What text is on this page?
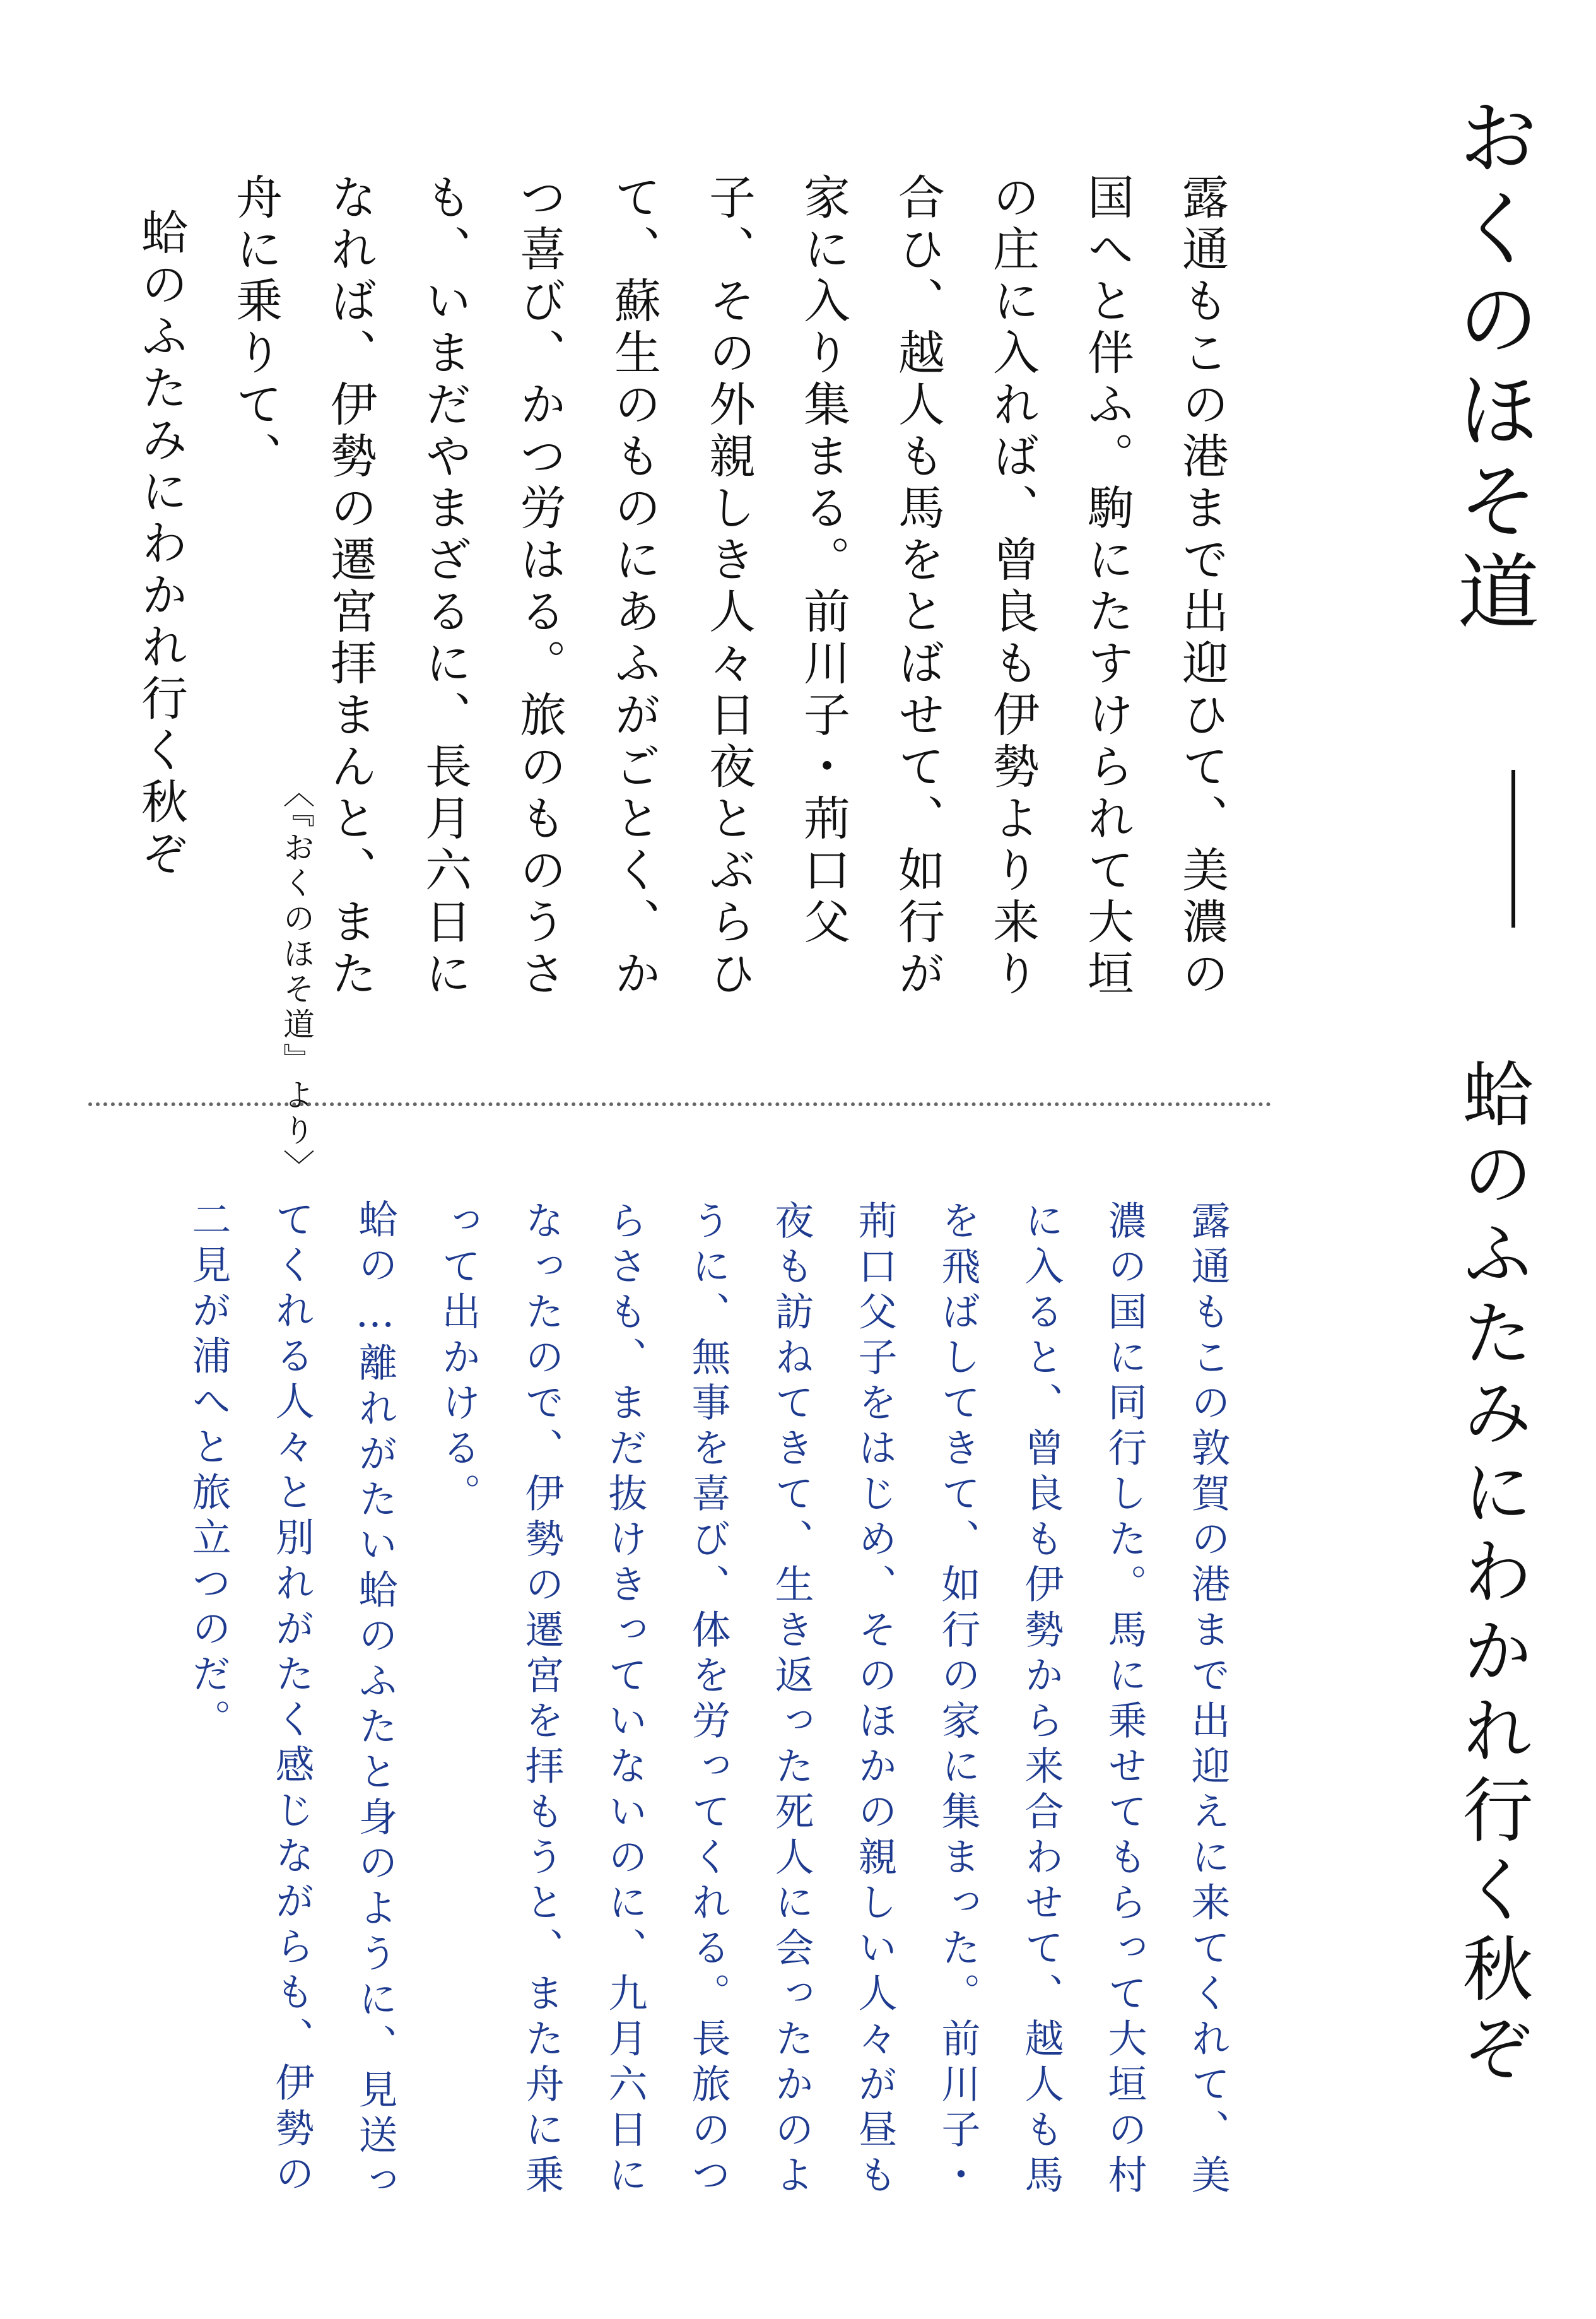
おくのほそ道  蛤のふたみにわかれ行く秋ぞ

露通もこの港まで出迎ひて、美濃の国へと伴ふ。駒にたすけられて大垣の庄に入れば、曾良も伊勢より来り合ひ、越人も馬をとばせて、如行が家に入り集まる。前川子・荊口父子、その外親しき人々日夜とぶらひて、蘇生のものにあふがごとく、かつ喜び、かつ労はる。旅のものうさも、いまだやまざるに、長月六日になれば、伊勢の遷宮拝まんと、また舟に乗りて、

蛤のふたみにわかれ行く秋ぞ

〈『おくのほそ道』より〉

露通もこの敦賀の港まで出迎えに来てくれて、美濃の国に同行した。馬に乗せてもらって大垣の村に入ると、曾良も伊勢から来合わせて、越人も馬を飛ばしてきて、如行の家に集まった。前川子・荊口父子をはじめ、そのほかの親しい人々が昼も夜も訪ねてきて、生き返った死人に会ったかのように、無事を喜び、体を労ってくれる。長旅のつらさも、まだ抜けきっていないのに、九月六日になったので、伊勢の遷宮を拝もうと、また舟に乗って出かける。

蛤の…離れがたい蛤のふたと身のように、見送ってくれる人々と別れがたく感じながらも、伊勢の二見が浦へと旅立つのだ。
